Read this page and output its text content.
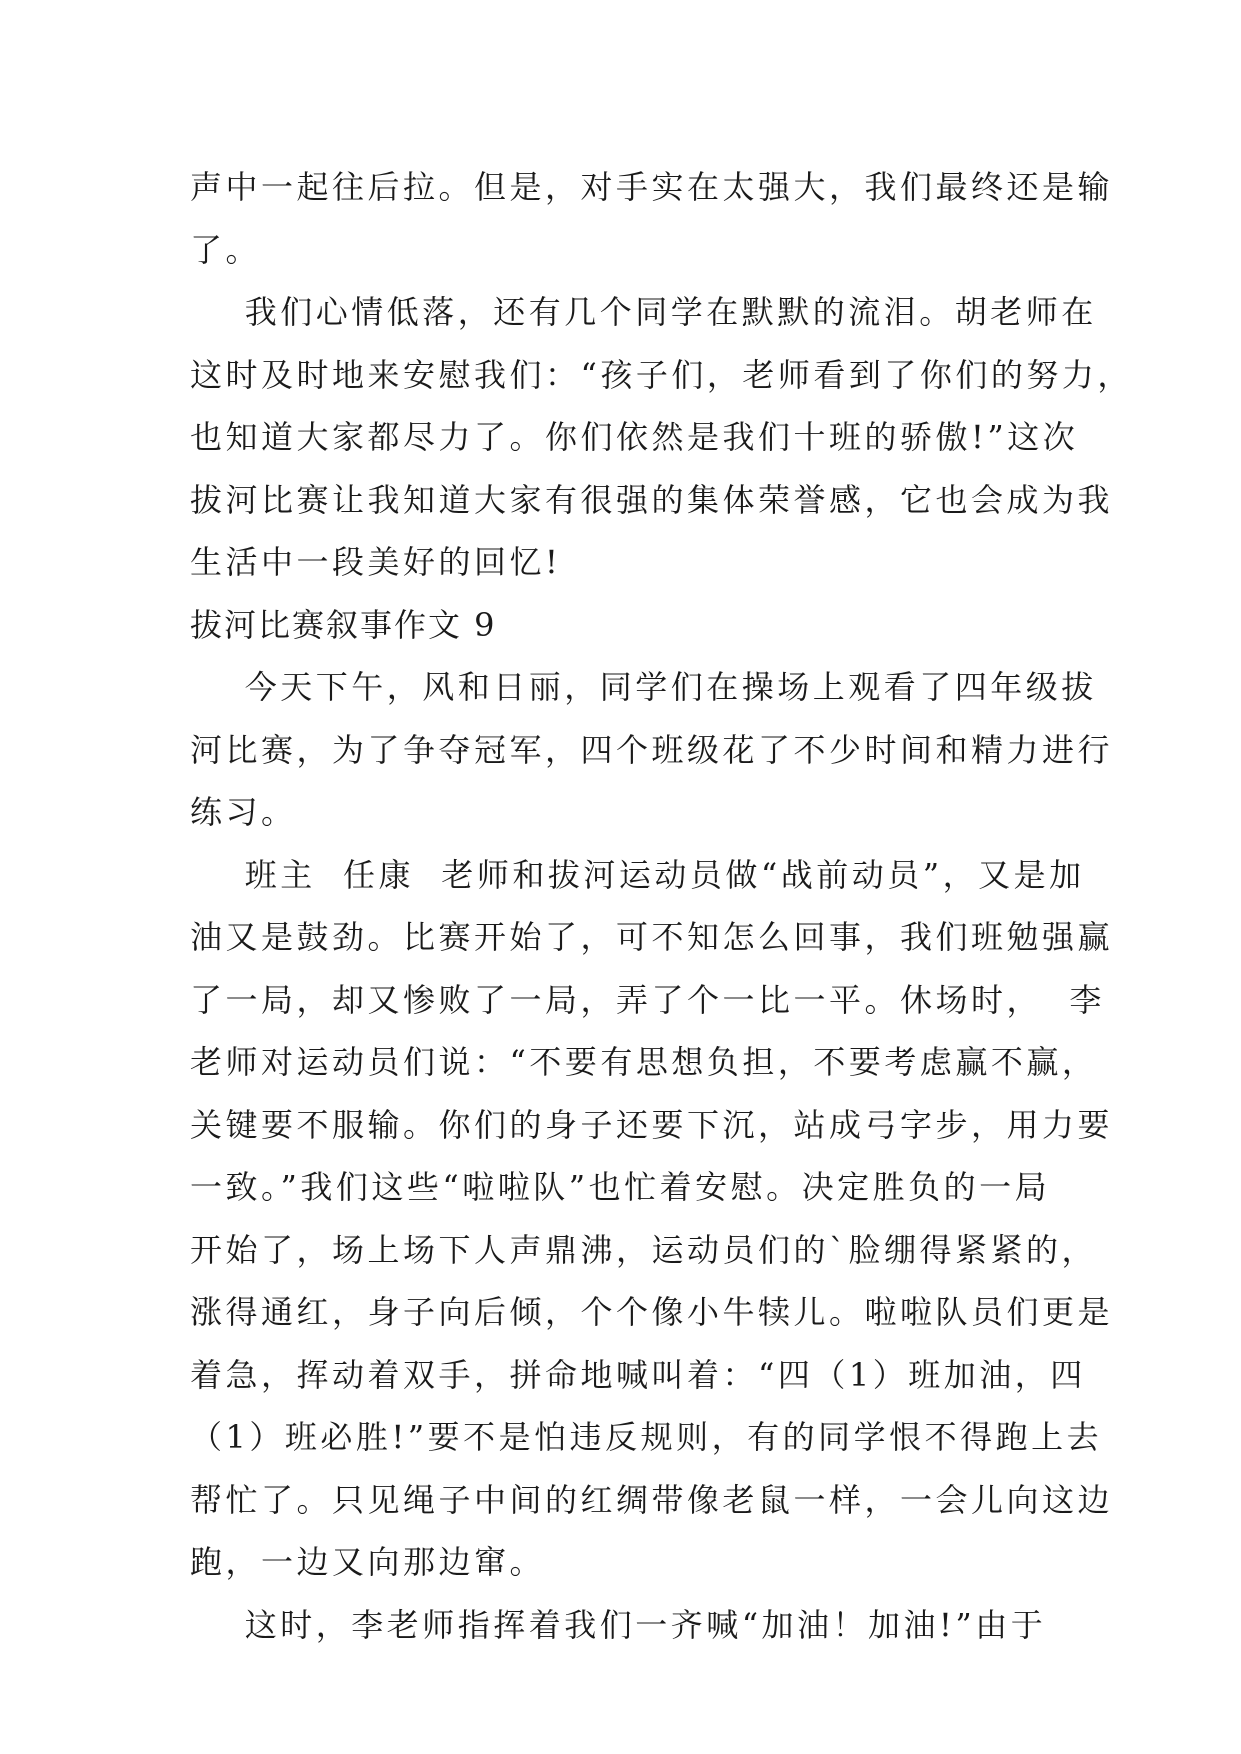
声中一起往后拉。但是，对手实在太强大，我们最终还是输
了。
我们心情低落，还有几个同学在默默的流泪。胡老师在
这时及时地来安慰我们：“孩子们，老师看到了你们的努力，
也知道大家都尽力了。你们依然是我们十班的骄傲!”这次
拔河比赛让我知道大家有很强的集体荣誉感，它也会成为我
生活中一段美好的回忆!
拔河比赛叙事作文 9
今天下午，风和日丽，同学们在操场上观看了四年级拔
河比赛，为了争夺冠军，四个班级花了不少时间和精力进行
练习。
班主  任康  老师和拔河运动员做“战前动员”，又是加
油又是鼓劲。比赛开始了，可不知怎么回事，我们班勉强赢
了一局，却又惨败了一局，弄了个一比一平。休场时，  李
老师对运动员们说：“不要有思想负担，不要考虑赢不赢，
关键要不服输。你们的身子还要下沉，站成弓字步，用力要
一致。”我们这些“啦啦队”也忙着安慰。决定胜负的一局
开始了，场上场下人声鼎沸，运动员们的`脸绷得紧紧的，
涨得通红，身子向后倾，个个像小牛犊儿。啦啦队员们更是
着急，挥动着双手，拼命地喊叫着：“四（1）班加油，四
（1）班必胜!”要不是怕违反规则，有的同学恨不得跑上去
帮忙了。只见绳子中间的红绸带像老鼠一样，一会儿向这边
跑，一边又向那边窜。
这时，李老师指挥着我们一齐喊“加油！加油!”由于
